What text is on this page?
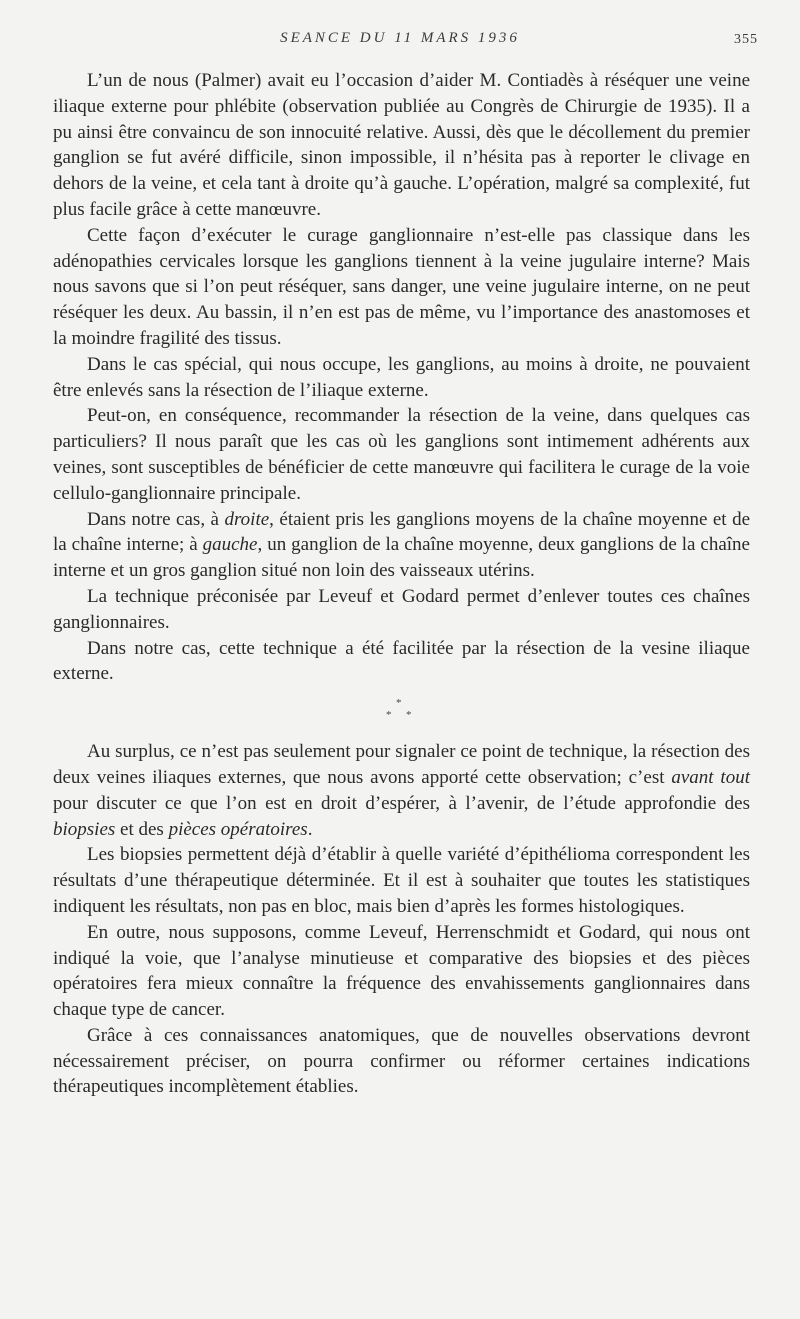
SEANCE DU 11 MARS 1936	355

L’un de nous (Palmer) avait eu l’occasion d’aider M. Contiadès à réséquer une veine iliaque externe pour phlébite (observation publiée au Congrès de Chirurgie de 1935). Il a pu ainsi être convaincu de son innocuité relative. Aussi, dès que le décollement du premier ganglion se fut avéré difficile, sinon impossible, il n’hésita pas à reporter le clivage en dehors de la veine, et cela tant à droite qu’à gauche. L’opération, malgré sa complexité, fut plus facile grâce à cette manœuvre.

Cette façon d’exécuter le curage ganglionnaire n’est-elle pas classique dans les adénopathies cervicales lorsque les ganglions tiennent à la veine jugulaire interne? Mais nous savons que si l’on peut réséquer, sans danger, une veine jugulaire interne, on ne peut réséquer les deux. Au bassin, il n’en est pas de même, vu l’importance des anastomoses et la moindre fragilité des tissus.

Dans le cas spécial, qui nous occupe, les ganglions, au moins à droite, ne pouvaient être enlevés sans la résection de l’iliaque externe.

Peut-on, en conséquence, recommander la résection de la veine, dans quelques cas particuliers? Il nous paraît que les cas où les ganglions sont intimement adhérents aux veines, sont susceptibles de bénéficier de cette manœuvre qui facilitera le curage de la voie cellulo-ganglionnaire principale.

Dans notre cas, à droite, étaient pris les ganglions moyens de la chaîne moyenne et de la chaîne interne; à gauche, un ganglion de la chaîne moyenne, deux ganglions de la chaîne interne et un gros ganglion situé non loin des vaisseaux utérins.

La technique préconisée par Leveuf et Godard permet d’enlever toutes ces chaînes ganglionnaires.

Dans notre cas, cette technique a été facilitée par la résection de la vesine iliaque externe.

*
* *

Au surplus, ce n’est pas seulement pour signaler ce point de technique, la résection des deux veines iliaques externes, que nous avons apporté cette observation; c’est avant tout pour discuter ce que l’on est en droit d’espérer, à l’avenir, de l’étude approfondie des biopsies et des pièces opératoires.

Les biopsies permettent déjà d’établir à quelle variété d’épithélioma correspondent les résultats d’une thérapeutique déterminée. Et il est à souhaiter que toutes les statistiques indiquent les résultats, non pas en bloc, mais bien d’après les formes histologiques.

En outre, nous supposons, comme Leveuf, Herrenschmidt et Godard, qui nous ont indiqué la voie, que l’analyse minutieuse et comparative des biopsies et des pièces opératoires fera mieux connaître la fréquence des envahissements ganglionnaires dans chaque type de cancer.

Grâce à ces connaissances anatomiques, que de nouvelles observations devront nécessairement préciser, on pourra confirmer ou réformer certaines indications thérapeutiques incomplètement établies.
